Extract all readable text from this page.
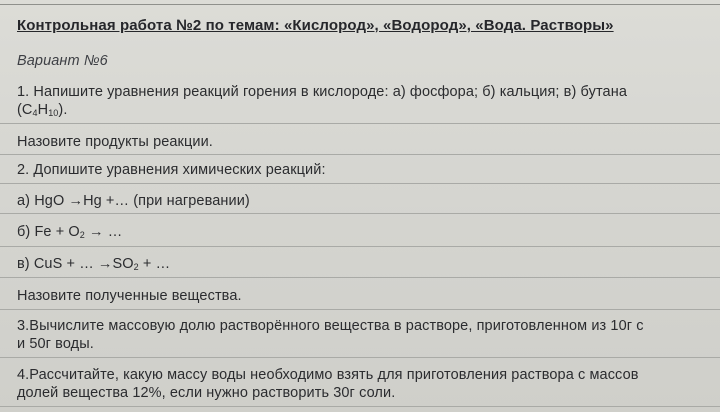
Контрольная работа №2 по темам: «Кислород», «Водород», «Вода. Растворы»
Вариант №6
1. Напишите уравнения реакций горения в кислороде: а) фосфора; б) кальция; в) бутана
$(C_4H_{10})$.
Назовите продукты реакции.
2. Допишите уравнения химических реакций:
а) HgO →Hg +… (при нагревании)
б) $Fe + O_2$ → …
в) CuS + … $\to SO_2$ + …
Назовите полученные вещества.
3.Вычислите массовую долю растворённого вещества в растворе, приготовленном из 10г с
и 50г воды.
4.Рассчитайте, какую массу воды необходимо взять для приготовления раствора с массов
долей вещества 12%, если нужно растворить 30г соли.
